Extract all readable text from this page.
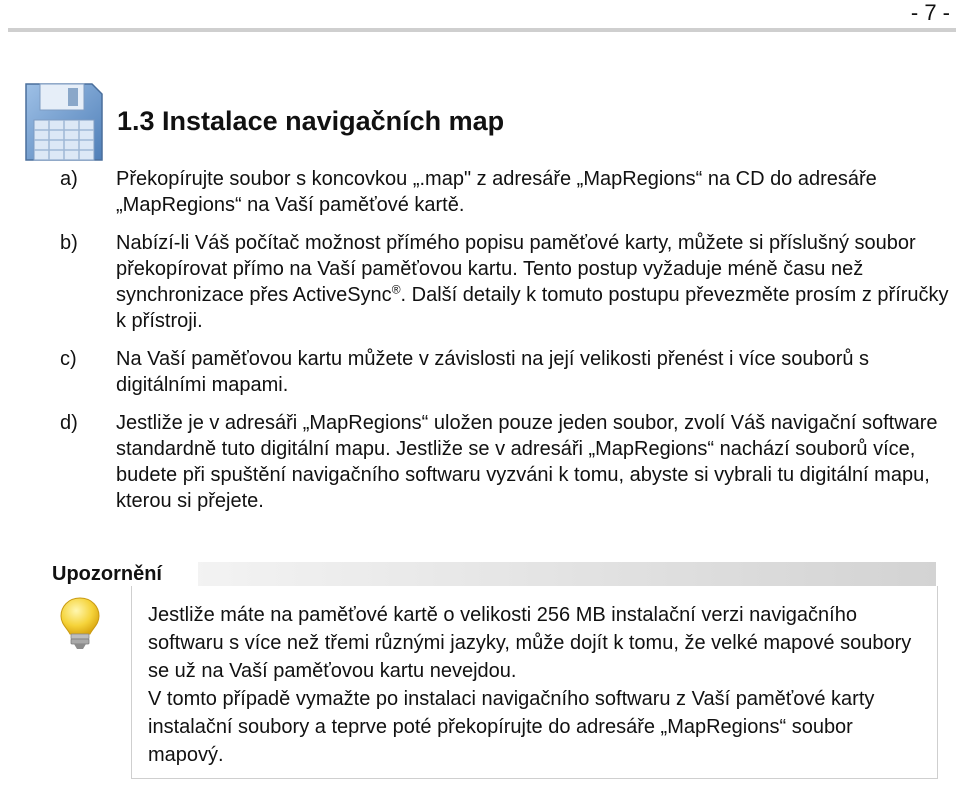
- 7 -
1.3 Instalace navigačních map
a) Překopírujte soubor s koncovkou „.map" z adresáře „MapRegions“ na CD do adresáře „MapRegions“ na Vaší paměťové kartě.
b) Nabízí-li Váš počítač možnost přímého popisu paměťové karty, můžete si příslušný soubor překopírovat přímo na Vaší paměťovou kartu. Tento postup vyžaduje méně času než synchronizace přes ActiveSync®. Další detaily k tomuto postupu převezměte prosím z příručky k přístroji.
c) Na Vaší paměťovou kartu můžete v závislosti na její velikosti přenést i více souborů s digitálními mapami.
d) Jestliže je v adresáři „MapRegions“ uložen pouze jeden soubor, zvolí Váš navigační software standardně tuto digitální mapu. Jestliže se v adresáři „MapRegions“ nachází souborů více, budete při spuštění navigačního softwaru vyzváni k tomu, abyste si vybrali tu digitální mapu, kterou si přejete.
Upozornění

Jestliže máte na paměťové kartě o velikosti 256 MB instalační verzi navigačního softwaru s více než třemi různými jazyky, může dojít k tomu, že velké mapové soubory se už na Vaší paměťovou kartu nevejdou.

V tomto případě vymažte po instalaci navigačního softwaru z Vaší paměťové karty instalační soubory a teprve poté překopírujte do adresáře „MapRegions“ soubor mapový.
